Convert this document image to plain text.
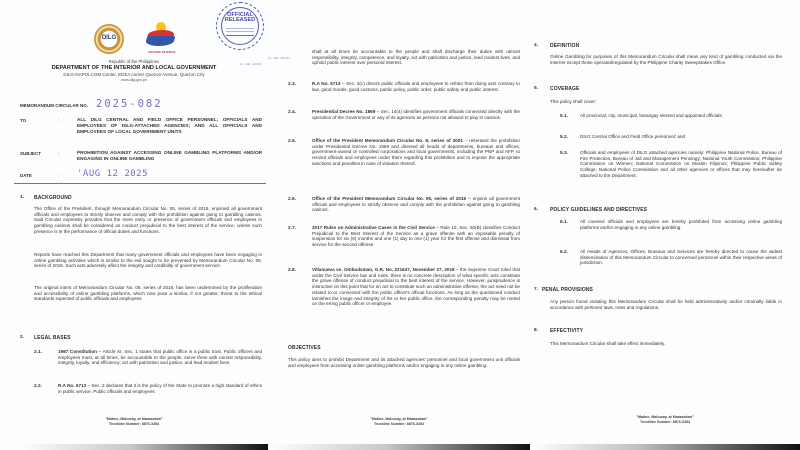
DILG
BAGONG PILIPINAS
Republic of the Philippines
DEPARTMENT OF THE INTERIOR AND LOCAL GOVERNMENT
DILG-NAPOLCOM Center, EDSA corner Quezon Avenue, Quezon City
www.dilg.gov.ph
OFFICIAL
RELEASED
14 - 11dt - 10/1/0/1
MEMORANDUM CIRCULAR NO. 2025-082
TO	:	ALL DILG CENTRAL AND FIELD OFFICE PERSONNEL; OFFICIALS AND EMPLOYEES OF DILG-ATTACHED AGENCIES; AND ALL OFFICIALS AND EMPLOYEES OF LOCAL GOVERNMENT UNITS
SUBJECT	:	PROHIBITION AGAINST ACCESSING ONLINE GAMBLING PLATFORMS AND/OR ENGAGING IN ONLINE GAMBLING
DATE	: 'AUG 12 2025
1. BACKGROUND
The Office of the President, through Memorandum Circular No. 06, series of 2016, enjoined all government officials and employees to strictly observe and comply with the prohibition against going to gambling casinos. Said Circular expressly provides that the mere entry or presence of government officials and employees in gambling casinos shall be considered as conduct prejudicial to the best interest of the service, unless such presence is in the performance of official duties and functions.
Reports have reached this Department that many government officials and employees have been engaging in online gambling activities which is similar to the evil sought to be prevented by Memorandum Circular No. 06, series of 2016. Such acts adversely affect the integrity and credibility of government service.
The original intent of Memorandum Circular No. 06, series of 2016, has been undermined by the proliferation and accessibility of online gambling platforms, which now pose a similar, if not greater, threat to the ethical standards expected of public officials and employees.
2. LEGAL BASES
2.1.	1987 Constitution – Article XI, Sec. 1 states that public office is a public trust. Public officers and employees must, at all times, be accountable to the people, serve them with utmost responsibility, integrity, loyalty, and efficiency; act with patriotism and justice, and lead modest lives.
2.2.	R.A No. 6713 – Sec. 2 declares that it is the policy of the State to promote a high standard of ethics in public service. Public officials and employees
"Matino, Mahusay, at Maaasahan"
Trunkline Number: 8876-3454
14 - 11dt - 10/1/0/1
shall at all times be accountable to the people and shall discharge their duties with utmost responsibility, integrity, competence, and loyalty, act with patriotism and justice, lead modest lives, and uphold public interest over personal interest.
2.3.	R.A No. 6713 – Sec. 4(c) directs public officials and employees to refrain from doing acts contrary to law, good morals, good customs, public policy, public order, public safety and public interest.
2.4.	Presidential Decree No. 1869 – Sec. 14(4) identifies government officials connected directly with the operation of the Government or any of its agencies as persons not allowed to play in casinos.
2.5.	Office of the President Memorandum Circular No. 8, series of 2001 – reiterated the prohibition under Presidential Decree No. 1869 and directed all heads of departments, bureaus and offices, government-owned or controlled corporations and local governments, including the PNP and AFP, to remind officials and employees under them regarding this prohibition and to impose the appropriate sanctions and penalties in case of violation thereof.
2.6.	Office of the President Memorandum Circular No. 06, series of 2016 – enjoins all government officials and employees to strictly observe and comply with the prohibition against going to gambling casinos.
2.7.	2017 Rules on Administrative Cases in the Civil Service – Rule 10, Sec. 50(B) classifies Conduct Prejudicial to the Best Interest of the Service as a grave offense with an imposable penalty of suspension for six (6) months and one (1) day to one (1) year for the first offense and dismissal from service for the second offense.
2.8.	Villanueva vs. Ombudsman, G.R. No. 221647, November 27, 2018 – the Supreme Court ruled that under the Civil Service law and rules, there is no concrete description of what specific acts constitute the grave offense of conduct prejudicial to the best interest of the service. However, jurisprudence is instructive on this point that for an act to constitute such an administrative offense, the act need not be related to or connected with the public officer's official functions. As long as the questioned conduct tarnishes the image and integrity of his or her public office, the corresponding penalty may be meted on the erring public officer or employee.
OBJECTIVES
This policy aims to prohibit Department and its attached agencies' personnel and local government unit officials and employees from accessing online gambling platforms and/or engaging in any online gambling.
"Matino, Mahusay, at Maaasahan"
Trunkline Number: 8876-3454
4. DEFINITION
Online Gambling for purposes of this Memorandum Circular shall mean any kind of gambling conducted via the internet except those operated/regulated by the Philippine Charity Sweepstakes Office.
5. COVERAGE
This policy shall cover:
5.1.	All provincial, city, municipal, barangay elected and appointed officials;
5.2.	DILG Central Office and Field Office personnel; and
5.3.	Officials and employees of DILG attached agencies namely: Philippine National Police, Bureau of Fire Protection, Bureau of Jail and Management Penology; National Youth Commission; Philippine Commission on Women; National Commission on Muslim Filipinos; Philippine Public Safety College; National Police Commission and all other agencies or offices that may hereinafter be attached to the Department.
6. POLICY GUIDELINES AND DIRECTIVES
6.1.	All covered officials and employees are hereby prohibited from accessing online gambling platforms and/or engaging in any online gambling.
6.2.	All Heads of Agencies, Offices, Bureaus and Services are hereby directed to cause the widest dissemination of this Memorandum Circular to concerned personnel within their respective areas of jurisdiction.
7. PENAL PROVISIONS
Any person found violating this Memorandum Circular shall be held administratively and/or criminally liable in accordance with pertinent laws, rules and regulations.
8. EFFECTIVITY
This Memorandum Circular shall take effect immediately.
"Matino, Mahusay, at Maaasahan"
Trunkline Number: 8876-3454
